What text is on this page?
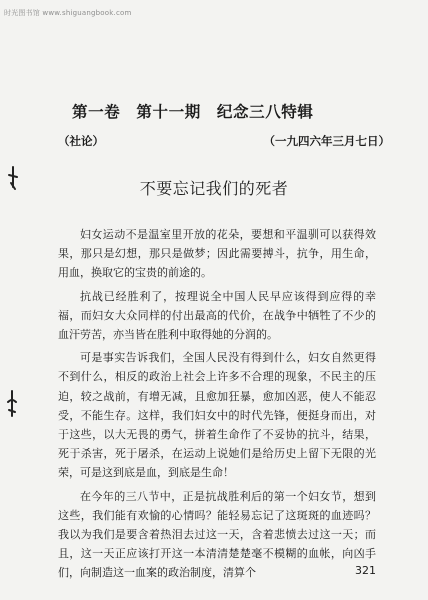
时光图书馆 www.shiguangbook.com
第一卷　第十一期　纪念三八特辑
（社论）	（一九四六年三月七日）
不要忘记我们的死者

妇女运动不是温室里开放的花朵，要想和平温驯可以获得效果，那只是幻想，那只是做梦；因此需要搏斗，抗争，用生命，用血，换取它的宝贵的前途的。

抗战已经胜利了，按理说全中国人民早应该得到应得的幸福，而妇女大众同样的付出最高的代价，在战争中牺牲了不少的血汗劳苦，亦当皆在胜利中取得她的分润的。

可是事实告诉我们，全国人民没有得到什么，妇女自然更得不到什么，相反的政治上社会上许多不合理的现象，不民主的压迫，较之战前，有增无减，且愈加狂暴，愈加凶恶，使人不能忍受，不能生存。这样，我们妇女中的时代先锋，便挺身而出，对于这些，以大无畏的勇气，拼着生命作了不妥协的抗斗，结果，死于杀害，死于屠杀，在运动上说她们是给历史上留下无限的光荣，可是这到底是血，到底是生命！

在今年的三八节中，正是抗战胜利后的第一个妇女节，想到这些，我们能有欢愉的心情吗？能轻易忘记了这斑斑的血迹吗？我以为我们是要含着热泪去过这一天，含着悲愤去过这一天；而且，这一天正应该打开这一本清清楚楚毫不模糊的血帐，向凶手们，向制造这一血案的政治制度，清算个	321
